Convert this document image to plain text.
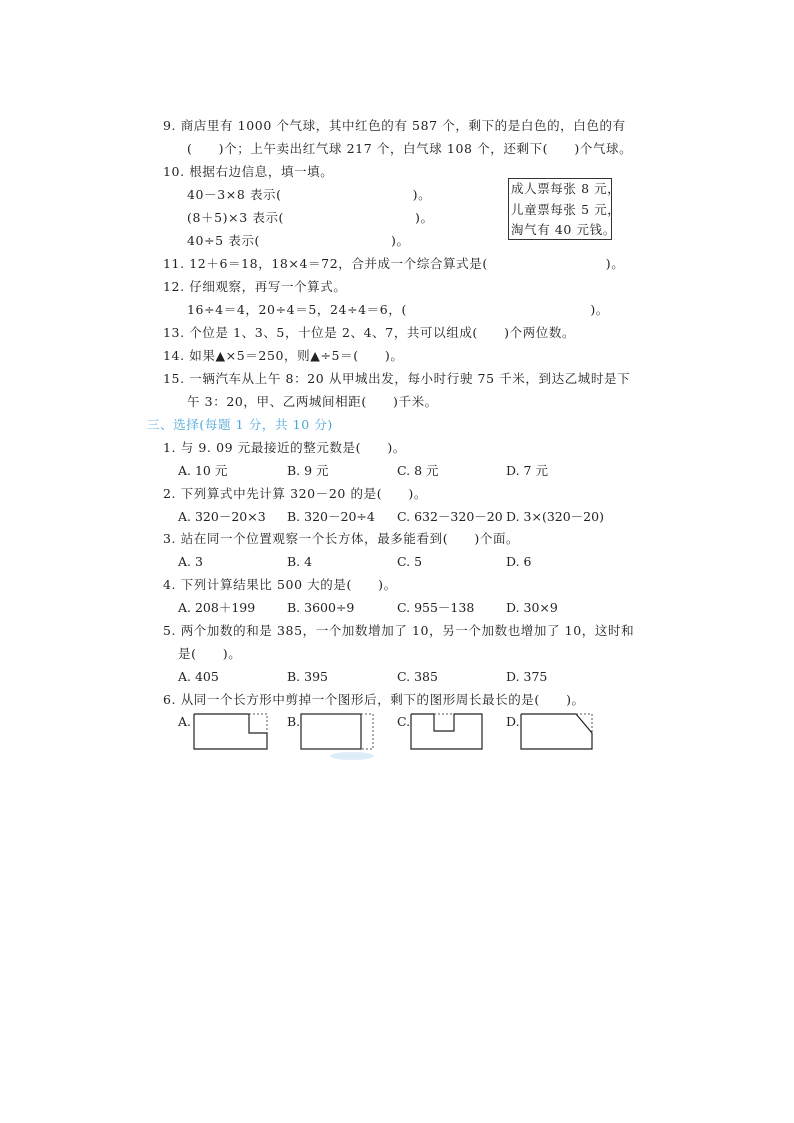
9. 商店里有 1000 个气球，其中红色的有 587 个，剩下的是白色的，白色的有
(　　)个；上午卖出红气球 217 个，白气球 108 个，还剩下(　　)个气球。
10. 根据右边信息，填一填。
40－3×8 表示(　　　　　　　　　　)。
(8＋5)×3 表示(　　　　　　　　　　)。
40÷5 表示(　　　　　　　　　　)。
成人票每张 8 元，
儿童票每张 5 元，
淘气有 40 元钱。
11. 12＋6＝18，18×4＝72，合并成一个综合算式是(　　　　　　　　　)。
12. 仔细观察，再写一个算式。
16÷4＝4，20÷4＝5，24÷4＝6，(　　　　　　　　　　　　　　)。
13. 个位是 1、3、5，十位是 2、4、7，共可以组成(　　)个两位数。
14. 如果▲×5＝250，则▲÷5＝(　　)。
15. 一辆汽车从上午 8：20 从甲城出发，每小时行驶 75 千米，到达乙城时是下
午 3：20，甲、乙两城间相距(　　)千米。
三、选择(每题 1 分，共 10 分)
1. 与 9. 09 元最接近的整元数是(　　)。
A. 10 元	B. 9 元	C. 8 元	D. 7 元
2. 下列算式中先计算 320－20 的是(　　)。
A. 320－20×3 B. 320－20÷4 C. 632－320－20 D. 3×(320－20)
3. 站在同一个位置观察一个长方体，最多能看到(　　)个面。
A. 3	B. 4	C. 5	D. 6
4. 下列计算结果比 500 大的是(　　)。
A. 208＋199	B. 3600÷9	C. 955－138	D. 30×9
5. 两个加数的和是 385，一个加数增加了 10，另一个加数也增加了 10，这时和
是(　　)。
A. 405	B. 395	C. 385	D. 375
6. 从同一个长方形中剪掉一个图形后，剩下的图形周长最长的是(　　)。
A.	B.	C.	D.
